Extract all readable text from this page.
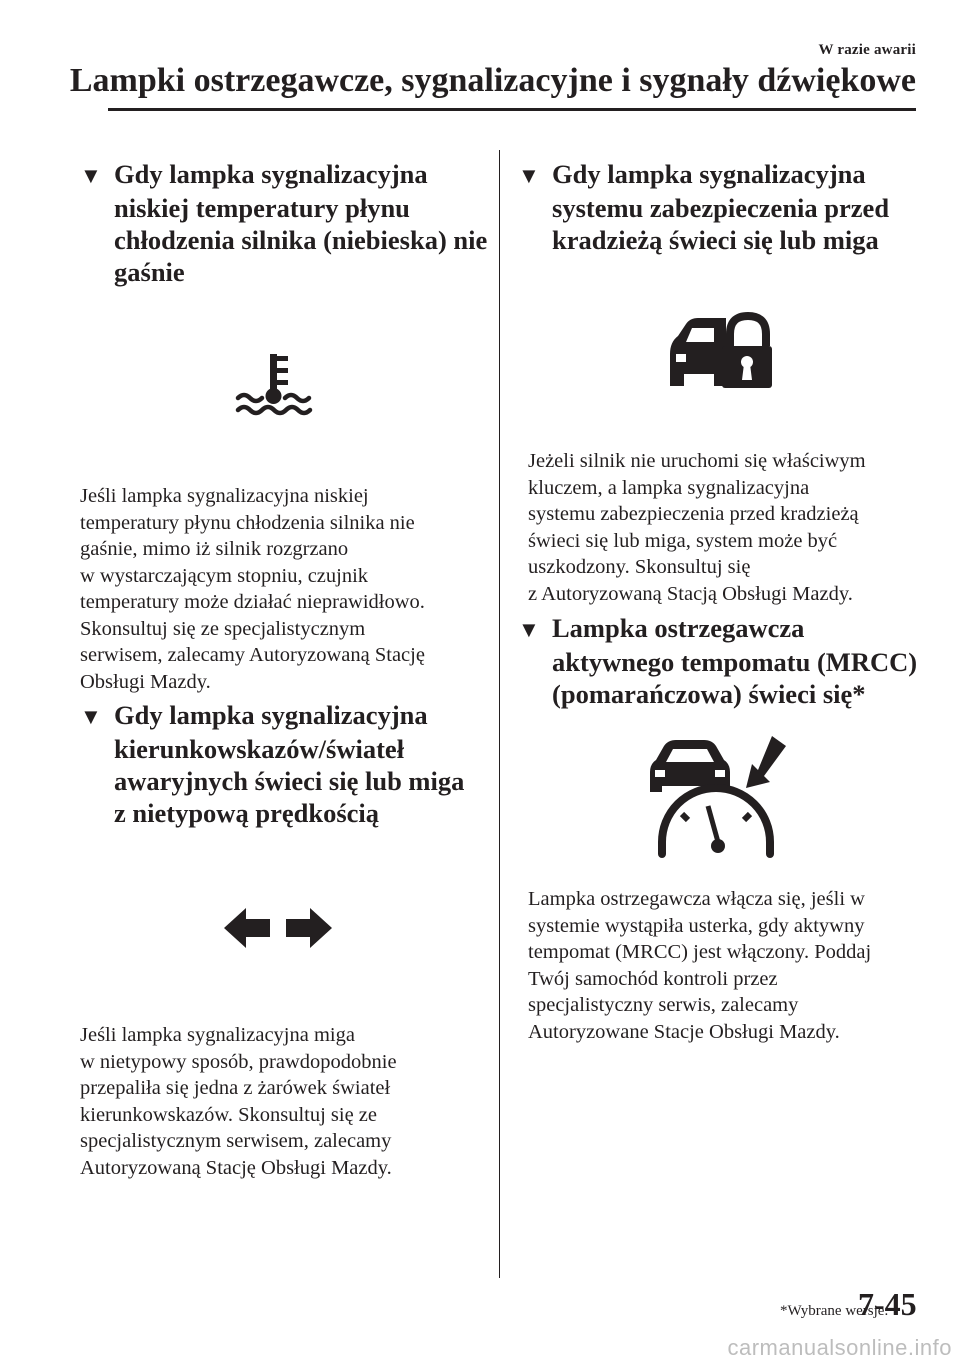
W razie awarii
Lampki ostrzegawcze, sygnalizacyjne i sygnały dźwiękowe
▼ Gdy lampka sygnalizacyjna
niskiej temperatury płynu
chłodzenia silnika (niebieska) nie
gaśnie
Jeśli lampka sygnalizacyjna niskiej
temperatury płynu chłodzenia silnika nie
gaśnie, mimo iż silnik rozgrzano
w wystarczającym stopniu, czujnik
temperatury może działać nieprawidłowo.
Skonsultuj się ze specjalistycznym
serwisem, zalecamy Autoryzowaną Stację
Obsługi Mazdy.
▼ Gdy lampka sygnalizacyjna
kierunkowskazów/świateł
awaryjnych świeci się lub miga
z nietypową prędkością
Jeśli lampka sygnalizacyjna miga
w nietypowy sposób, prawdopodobnie
przepaliła się jedna z żarówek świateł
kierunkowskazów. Skonsultuj się ze
specjalistycznym serwisem, zalecamy
Autoryzowaną Stację Obsługi Mazdy.
▼ Gdy lampka sygnalizacyjna
systemu zabezpieczenia przed
kradzieżą świeci się lub miga
Jeżeli silnik nie uruchomi się właściwym
kluczem, a lampka sygnalizacyjna
systemu zabezpieczenia przed kradzieżą
świeci się lub miga, system może być
uszkodzony. Skonsultuj się
z Autoryzowaną Stacją Obsługi Mazdy.
▼ Lampka ostrzegawcza
aktywnego tempomatu (MRCC)
(pomarańczowa) świeci się*
Lampka ostrzegawcza włącza się, jeśli w
systemie wystąpiła usterka, gdy aktywny
tempomat (MRCC) jest włączony. Poddaj
Twój samochód kontroli przez
specjalistyczny serwis, zalecamy
Autoryzowane Stacje Obsługi Mazdy.
*Wybrane wersje.
7-45
carmanualsonline.info
